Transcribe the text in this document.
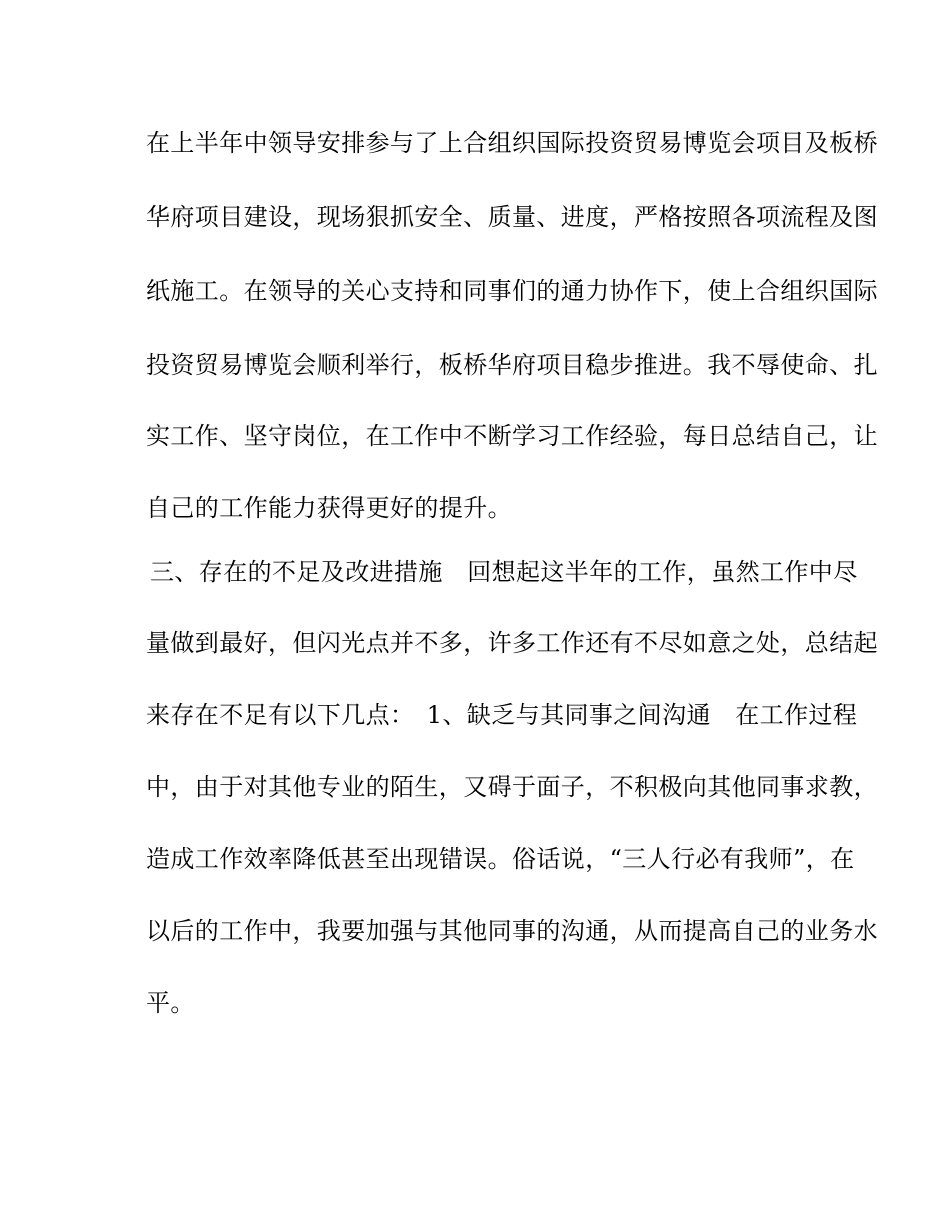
在上半年中领导安排参与了上合组织国际投资贸易博览会项目及板桥
华府项目建设，现场狠抓安全、质量、进度，严格按照各项流程及图
纸施工。在领导的关心支持和同事们的通力协作下，使上合组织国际
投资贸易博览会顺利举行，板桥华府项目稳步推进。我不辱使命、扎
实工作、坚守岗位，在工作中不断学习工作经验，每日总结自己，让
自己的工作能力获得更好的提升。
三、存在的不足及改进措施　回想起这半年的工作，虽然工作中尽
量做到最好，但闪光点并不多，许多工作还有不尽如意之处，总结起
来存在不足有以下几点：　1、缺乏与其同事之间沟通　在工作过程
中，由于对其他专业的陌生，又碍于面子，不积极向其他同事求教，
造成工作效率降低甚至出现错误。俗话说，“三人行必有我师”，在
以后的工作中，我要加强与其他同事的沟通，从而提高自己的业务水
平。
